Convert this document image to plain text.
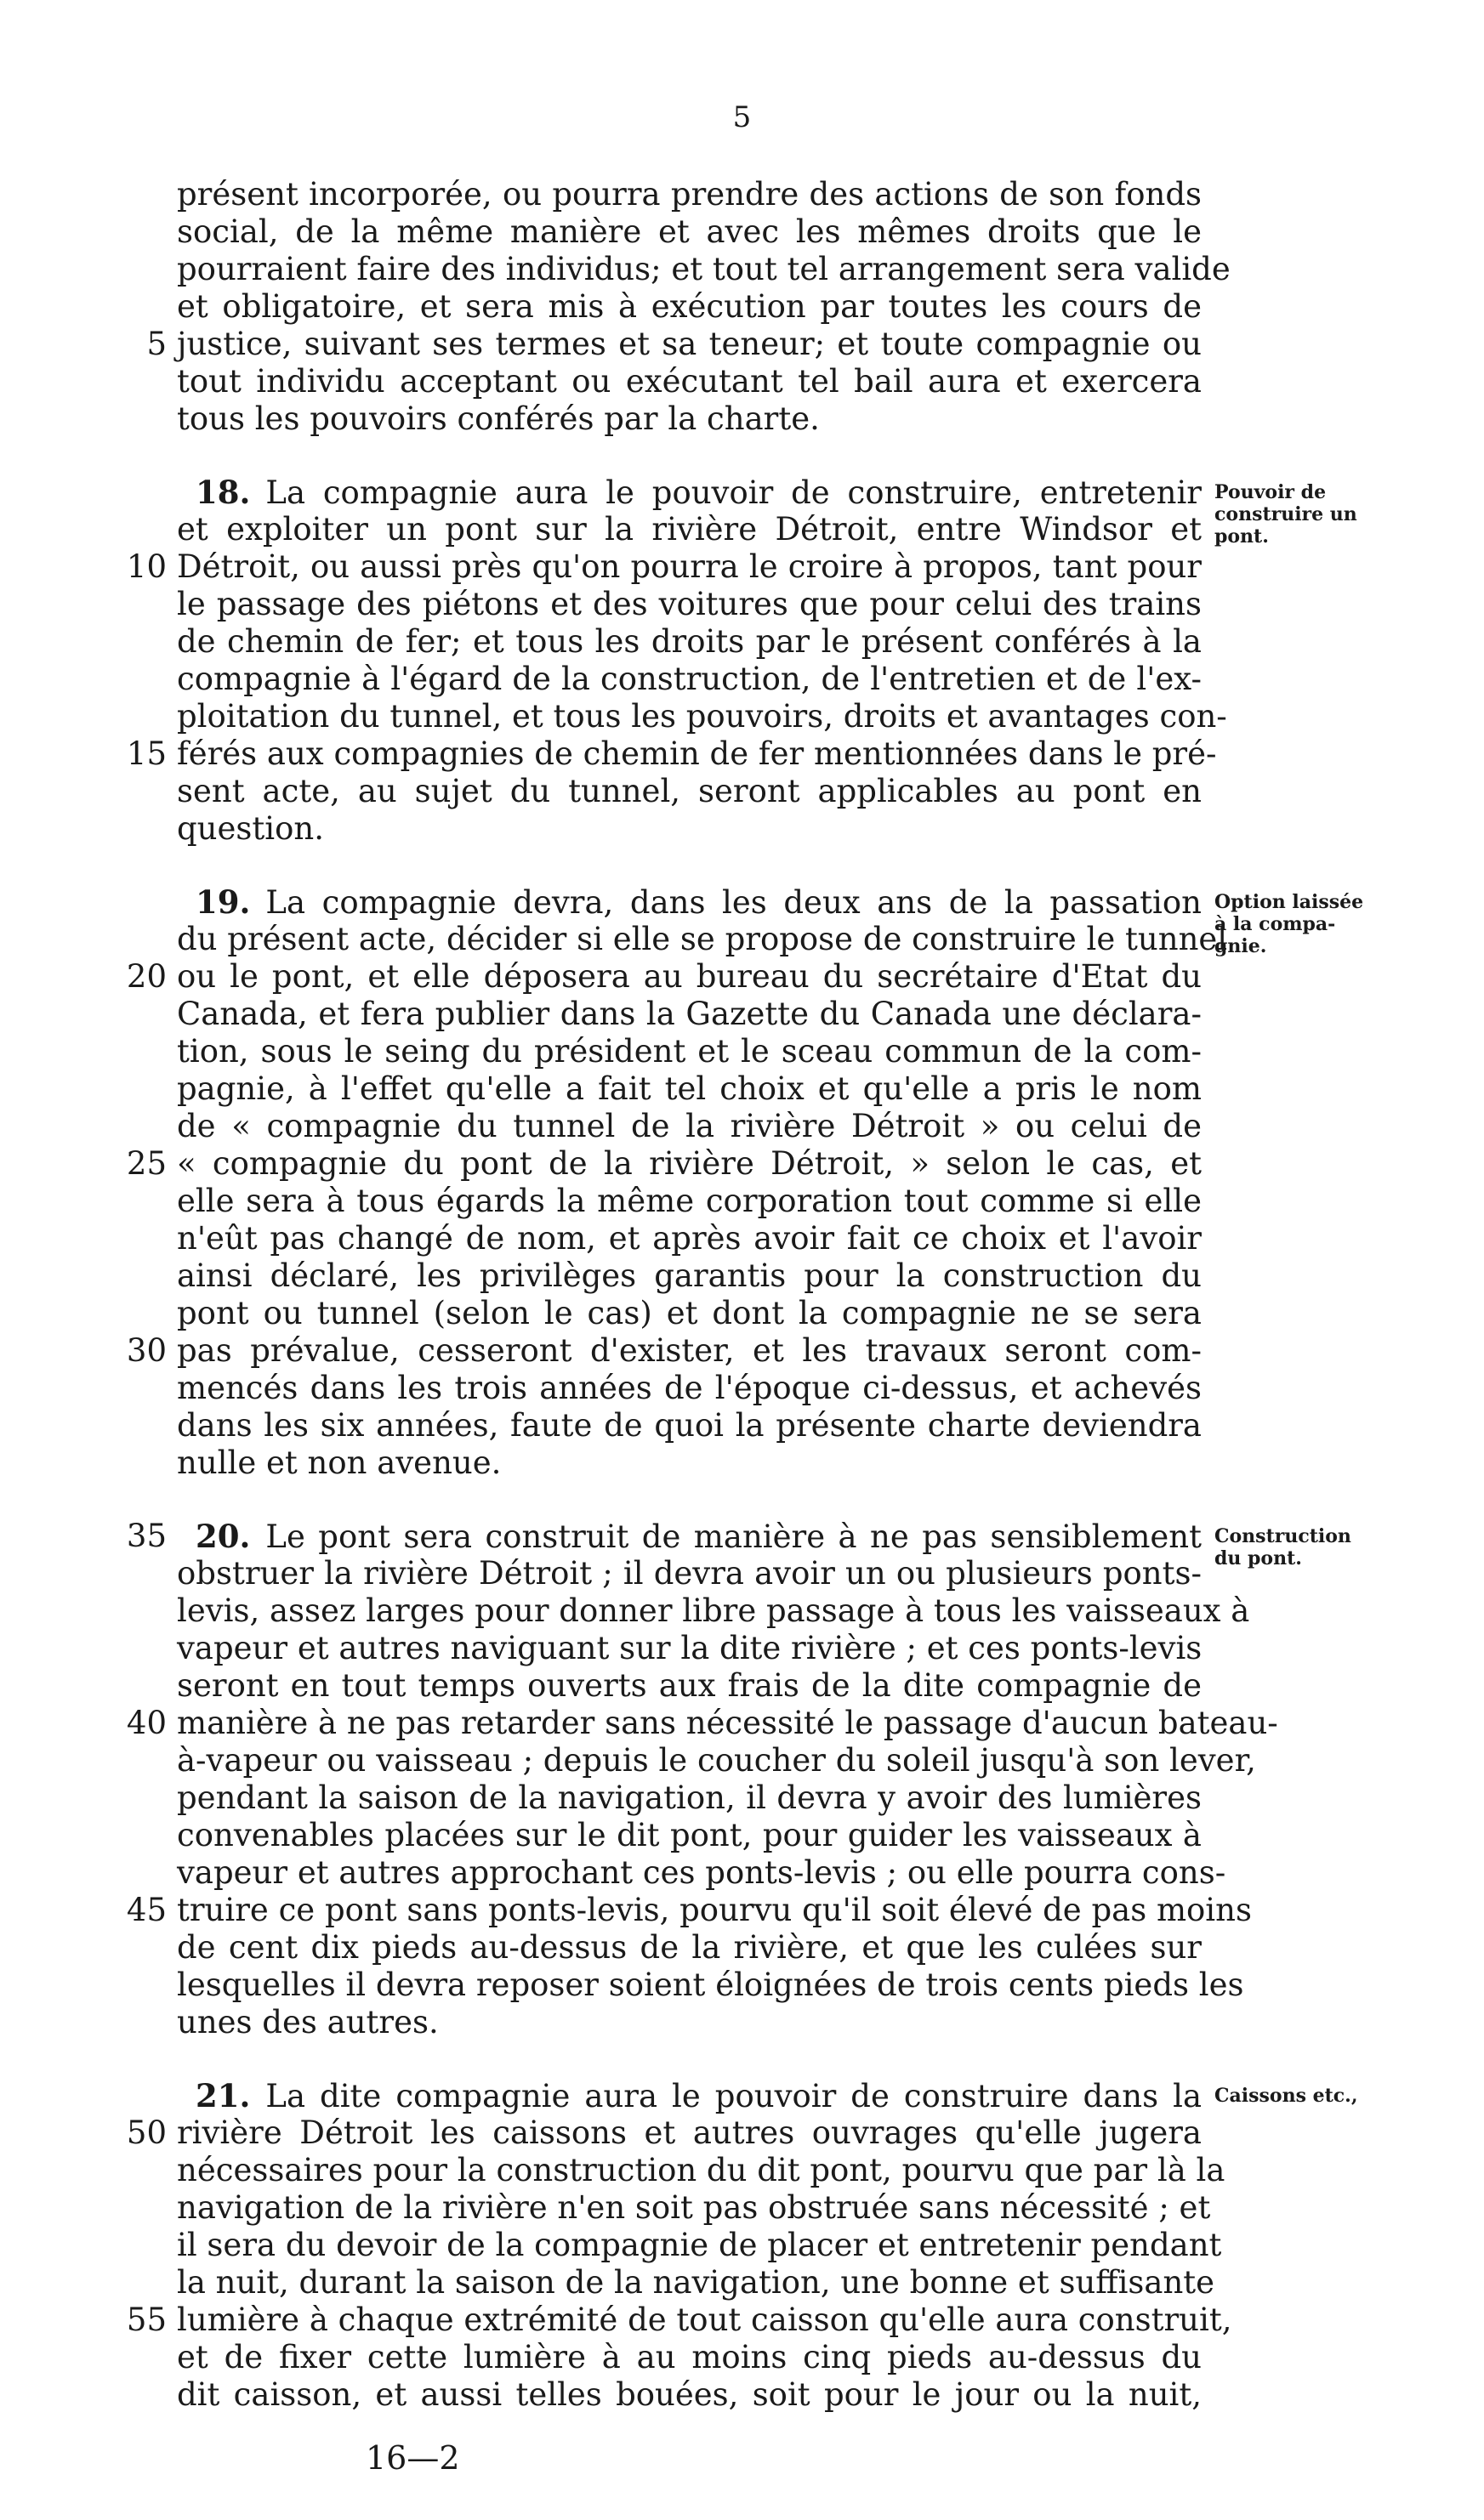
5
présent incorporée, ou pourra prendre des actions de son fonds
social, de la même manière et avec les mêmes droits que le
pourraient faire des individus; et tout tel arrangement sera valide
et obligatoire, et sera mis à exécution par toutes les cours de
5 justice, suivant ses termes et sa teneur; et toute compagnie ou
tout individu acceptant ou exécutant tel bail aura et exercera
tous les pouvoirs conférés par la charte.
18. La compagnie aura le pouvoir de construire, entretenir Pouvoir de
construire un
pont.
et exploiter un pont sur la rivière Détroit, entre Windsor et
10 Détroit, ou aussi près qu'on pourra le croire à propos, tant pour
le passage des piétons et des voitures que pour celui des trains
de chemin de fer; et tous les droits par le présent conférés à la
compagnie à l'égard de la construction, de l'entretien et de l'ex-
ploitation du tunnel, et tous les pouvoirs, droits et avantages con-
15 férés aux compagnies de chemin de fer mentionnées dans le pré-
sent acte, au sujet du tunnel, seront applicables au pont en
question.
19. La compagnie devra, dans les deux ans de la passation Option laissée
à la compa-
gnie.
du présent acte, décider si elle se propose de construire le tunnel
20 ou le pont, et elle déposera au bureau du secrétaire d'Etat du
Canada, et fera publier dans la Gazette du Canada une déclara-
tion, sous le seing du président et le sceau commun de la com-
pagnie, à l'effet qu'elle a fait tel choix et qu'elle a pris le nom
de « compagnie du tunnel de la rivière Détroit » ou celui de
25 « compagnie du pont de la rivière Détroit, » selon le cas, et
elle sera à tous égards la même corporation tout comme si elle
n'eût pas changé de nom, et après avoir fait ce choix et l'avoir
ainsi déclaré, les privilèges garantis pour la construction du
pont ou tunnel (selon le cas) et dont la compagnie ne se sera
30 pas prévalue, cesseront d'exister, et les travaux seront com-
mencés dans les trois années de l'époque ci-dessus, et achevés
dans les six années, faute de quoi la présente charte deviendra
nulle et non avenue.
35 20. Le pont sera construit de manière à ne pas sensiblement Construction
du pont.
obstruer la rivière Détroit ; il devra avoir un ou plusieurs ponts-
levis, assez larges pour donner libre passage à tous les vaisseaux à
vapeur et autres naviguant sur la dite rivière ; et ces ponts-levis
seront en tout temps ouverts aux frais de la dite compagnie de
40 manière à ne pas retarder sans nécessité le passage d'aucun bateau-
à-vapeur ou vaisseau ; depuis le coucher du soleil jusqu'à son lever,
pendant la saison de la navigation, il devra y avoir des lumières
convenables placées sur le dit pont, pour guider les vaisseaux à
vapeur et autres approchant ces ponts-levis ; ou elle pourra cons-
45 truire ce pont sans ponts-levis, pourvu qu'il soit élevé de pas moins
de cent dix pieds au-dessus de la rivière, et que les culées sur
lesquelles il devra reposer soient éloignées de trois cents pieds les
unes des autres.
21. La dite compagnie aura le pouvoir de construire dans la Caissons etc.,
50 rivière Détroit les caissons et autres ouvrages qu'elle jugera
nécessaires pour la construction du dit pont, pourvu que par là la
navigation de la rivière n'en soit pas obstruée sans nécessité ; et
il sera du devoir de la compagnie de placer et entretenir pendant
la nuit, durant la saison de la navigation, une bonne et suffisante
55 lumière à chaque extrémité de tout caisson qu'elle aura construit,
et de fixer cette lumière à au moins cinq pieds au-dessus du
dit caisson, et aussi telles bouées, soit pour le jour ou la nuit,
16—2
